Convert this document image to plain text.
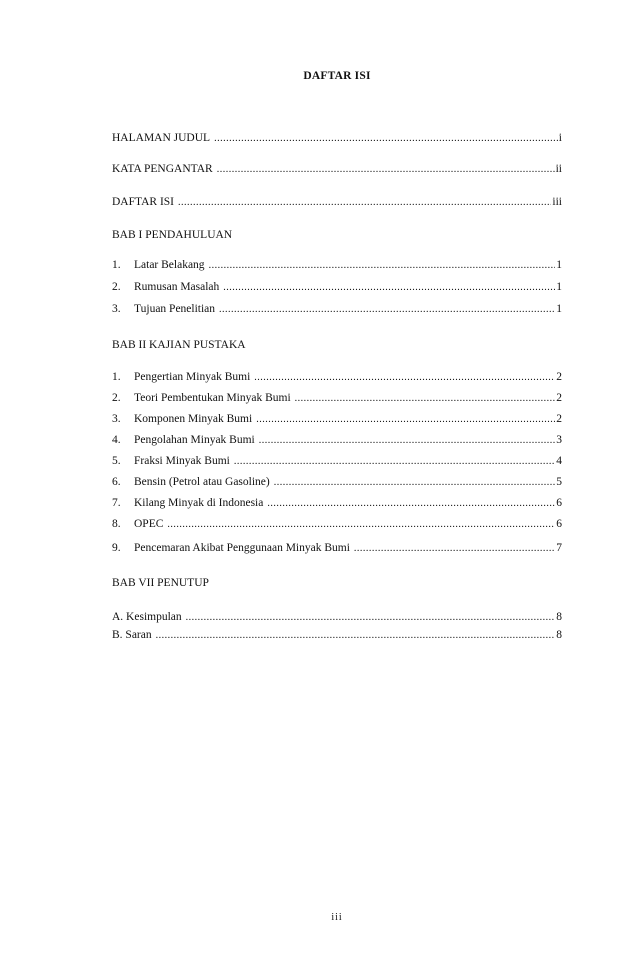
DAFTAR ISI
HALAMAN JUDUL .....	i
KATA PENGANTAR .....	ii
DAFTAR ISI .....	iii
BAB I PENDAHULUAN
1.	Latar Belakang .....	1
2.	Rumusan Masalah .....	1
3.	Tujuan Penelitian .....	1
BAB II KAJIAN PUSTAKA
1.	Pengertian Minyak Bumi .....	2
2.	Teori Pembentukan Minyak Bumi .....	2
3.	Komponen Minyak Bumi .....	2
4.	Pengolahan Minyak Bumi .....	3
5.	Fraksi Minyak Bumi .....	4
6.	Bensin (Petrol atau Gasoline) .....	5
7.	Kilang Minyak di Indonesia .....	6
8.	OPEC .....	6
9.	Pencemaran Akibat Penggunaan Minyak Bumi .....	7
BAB VII PENUTUP
A. Kesimpulan .....	8
B. Saran .....	8
iii
